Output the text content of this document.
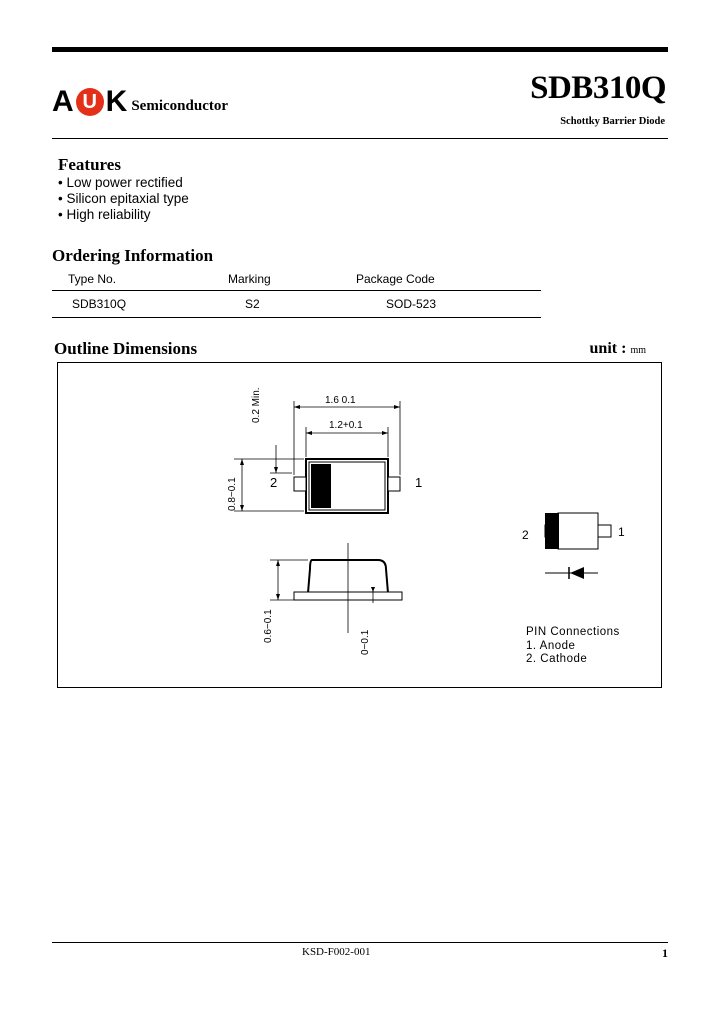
A U K Semiconductor	SDB310Q
Schottky Barrier Diode
Features
• Low power rectified
• Silicon epitaxial type
• High reliability
Ordering Information
Type No.	Marking	Package Code
SDB310Q	S2	SOD-523
Outline Dimensions	unit : mm
1.6 0.1
1.2+0.1
0.2 Min.
0.8−0.1
0.6−0.1	0−0.1
2	1
2	1
PIN Connections
1. Anode
2. Cathode
KSD-F002-001	1
